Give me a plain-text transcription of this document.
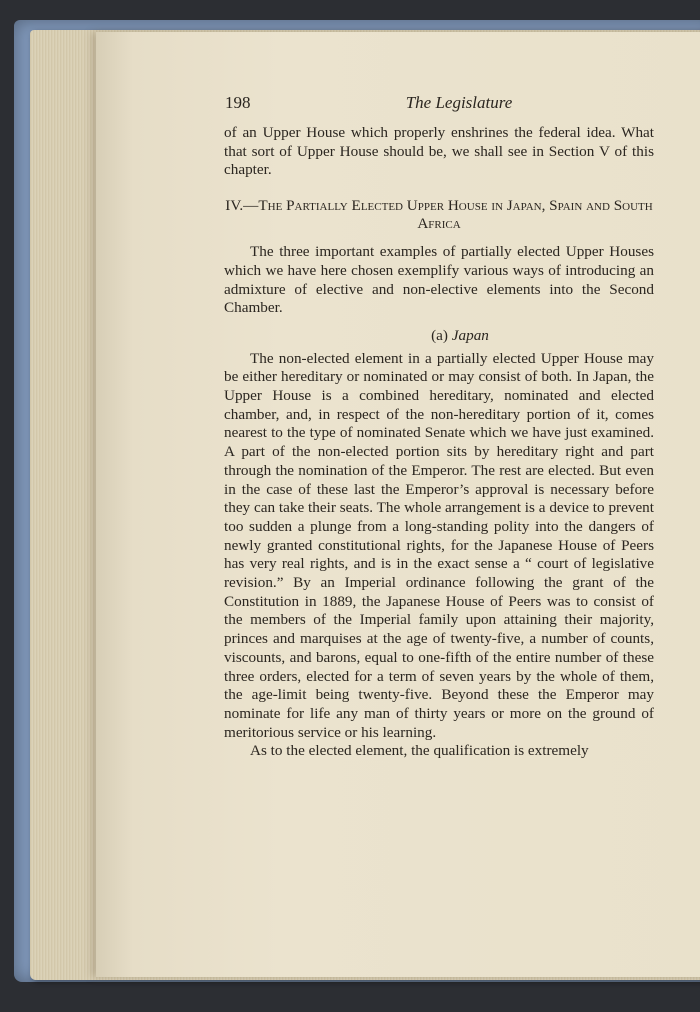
198	The Legislature

of an Upper House which properly enshrines the federal idea. What that sort of Upper House should be, we shall see in Section V of this chapter.

IV.—The Partially Elected Upper House in Japan, Spain and South Africa

The three important examples of partially elected Upper Houses which we have here chosen exemplify various ways of introducing an admixture of elective and non-elective elements into the Second Chamber.

(a) Japan

The non-elected element in a partially elected Upper House may be either hereditary or nominated or may consist of both. In Japan, the Upper House is a combined hereditary, nominated and elected chamber, and, in respect of the non-hereditary portion of it, comes nearest to the type of nominated Senate which we have just examined. A part of the non-elected portion sits by hereditary right and part through the nomination of the Emperor. The rest are elected. But even in the case of these last the Emperor’s approval is necessary before they can take their seats. The whole arrangement is a device to prevent too sudden a plunge from a long-standing polity into the dangers of newly granted constitutional rights, for the Japanese House of Peers has very real rights, and is in the exact sense a “ court of legislative revision.” By an Imperial ordinance following the grant of the Constitution in 1889, the Japanese House of Peers was to consist of the members of the Imperial family upon attaining their majority, princes and marquises at the age of twenty-five, a number of counts, viscounts, and barons, equal to one-fifth of the entire number of these three orders, elected for a term of seven years by the whole of them, the age-limit being twenty-five. Beyond these the Emperor may nominate for life any man of thirty years or more on the ground of meritorious service or his learning.

As to the elected element, the qualification is extremely
